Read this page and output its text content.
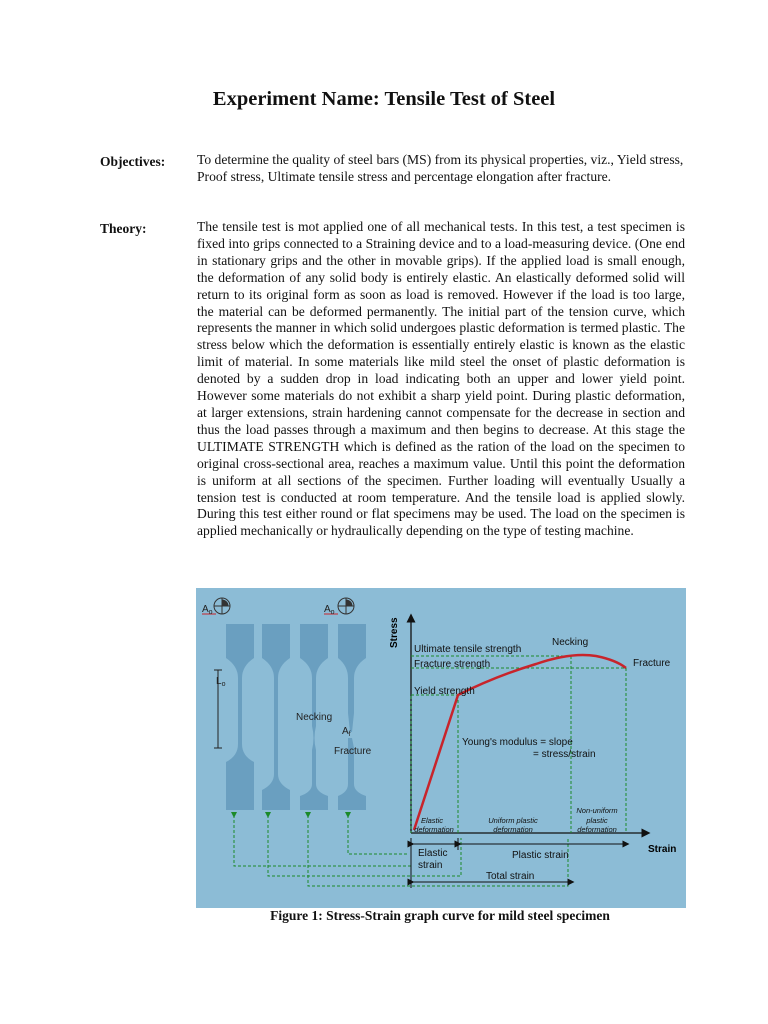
Experiment Name: Tensile Test of Steel
Objectives: To determine the quality of steel bars (MS) from its physical properties, viz., Yield stress, Proof stress, Ultimate tensile stress and percentage elongation after fracture.

Theory:	The tensile test is mot applied one of all mechanical tests. In this test, a test specimen is fixed into grips connected to a Straining device and to a load-measuring device. (One end in stationary grips and the other in movable grips). If the applied load is small enough, the deformation of any solid body is entirely elastic. An elastically deformed solid will return to its original form as soon as load is removed. However if the load is too large, the material can be deformed permanently. The initial part of the tension curve, which represents the manner in which solid undergoes plastic deformation is termed plastic. The stress below which the deformation is essentially entirely elastic is known as the elastic limit of material. In some materials like mild steel the onset of plastic deformation is denoted by a sudden drop in load indicating both an upper and lower yield point. However some materials do not exhibit a sharp yield point. During plastic deformation, at larger extensions, strain hardening cannot compensate for the decrease in section and thus the load passes through a maximum and then begins to decrease. At this stage the ULTIMATE STRENGTH which is defined as the ration of the load on the specimen to original cross-sectional area, reaches a maximum value. Until this point the deformation is uniform at all sections of the specimen. Further loading will eventually Usually a tension test is conducted at room temperature. And the tensile load is applied slowly. During this test either round or flat specimens may be used. The load on the specimen is applied mechanically or hydraulically depending on the type of testing machine.

$A_o$	$A_o$
$L_o$
Necking
$A_f$
Fracture
Stress
Strain
Ultimate tensile strength
Fracture strength
Yield strength
Necking
Fracture
Young's modulus = slope
= stress/strain
Elastic
deformation
Uniform plastic
deformation
Non-uniform
plastic
deformation
Elastic
strain
Plastic strain
Total strain
Figure 1: Stress-Strain graph curve for mild steel specimen
